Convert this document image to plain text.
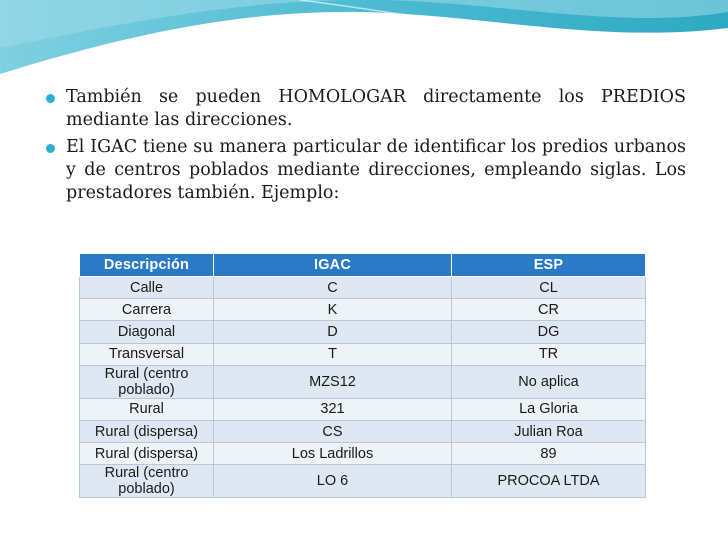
También se pueden HOMOLOGAR directamente los PREDIOS mediante las direcciones.

El IGAC tiene su manera particular de identificar los predios urbanos y de centros poblados mediante direcciones, empleando siglas. Los prestadores también. Ejemplo:

Descripción	IGAC	ESP
Calle	C	CL
Carrera	K	CR
Diagonal	D	DG
Transversal	T	TR
Rural (centro poblado)	MZS12	No aplica
Rural	321	La Gloria
Rural (dispersa)	CS	Julian Roa
Rural (dispersa)	Los Ladrillos	89
Rural (centro poblado)	LO 6	PROCOA LTDA
